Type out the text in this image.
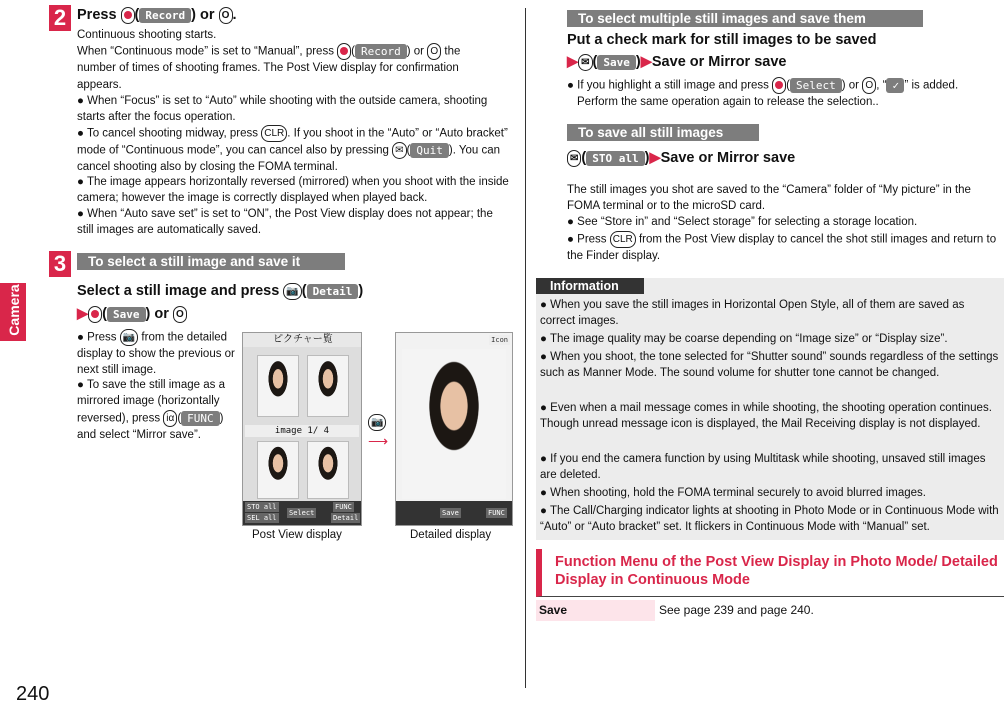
Camera
240
2 Press ( Record ) or O .
Continuous shooting starts.
When “Continuous mode” is set to “Manual”, press ( Record ) or O the
number of times of shooting frames. The Post View display for confirmation
appears.
● When “Focus” is set to “Auto” while shooting with the outside camera, shooting starts after the focus operation.
● To cancel shooting midway, press CLR . If you shoot in the “Auto” or “Auto bracket” mode of “Continuous mode”, you can cancel also by pressing ✉ ( Quit ). You can cancel shooting also by closing the FOMA terminal.
● The image appears horizontally reversed (mirrored) when you shoot with the inside camera; however the image is correctly displayed when played back.
● When “Auto save set” is set to “ON”, the Post View display does not appear; the still images are automatically saved.
3	To select a still image and save it
Select a still image and press 📷 ( Detail )
▶ ( Save ) or O
● Press 📷 from the detailed display to show the previous or next still image.
● To save the still image as a mirrored image (horizontally reversed), press iα ( FUNC ) and select “Mirror save”.
ピクチャー覧
image 1/ 4
STO all
SEL all
Select
FUNC
Detail
📷
⟶
Icon
Save	FUNC
Post View display	Detailed display
To select multiple still images and save them
Put a check mark for still images to be saved
▶ ✉ ( Save )▶Save or Mirror save
● If you highlight a still image and press ( Select ) or O , “ ✓ ” is added.
Perform the same operation again to release the selection..
To save all still images
✉ ( STO all )▶Save or Mirror save
The still images you shot are saved to the “Camera” folder of “My picture” in the FOMA terminal or to the microSD card.
● See “Store in” and “Select storage” for selecting a storage location.
● Press CLR from the Post View display to cancel the shot still images and return to the Finder display.
Information
● When you save the still images in Horizontal Open Style, all of them are saved as correct images.
● The image quality may be coarse depending on “Image size” or “Display size”.
● When you shoot, the tone selected for “Shutter sound” sounds regardless of the settings such as Manner Mode. The sound volume for shutter tone cannot be changed.
● Even when a mail message comes in while shooting, the shooting operation continues. Though unread message icon is displayed, the Mail Receiving display is not displayed.
● If you end the camera function by using Multitask while shooting, unsaved still images are deleted.
● When shooting, hold the FOMA terminal securely to avoid blurred images.
● The Call/Charging indicator lights at shooting in Photo Mode or in Continuous Mode with “Auto” or “Auto bracket” set. It flickers in Continuous Mode with “Manual” set.
Function Menu of the Post View Display in Photo Mode/ Detailed Display in Continuous Mode
Save	See page 239 and page 240.
